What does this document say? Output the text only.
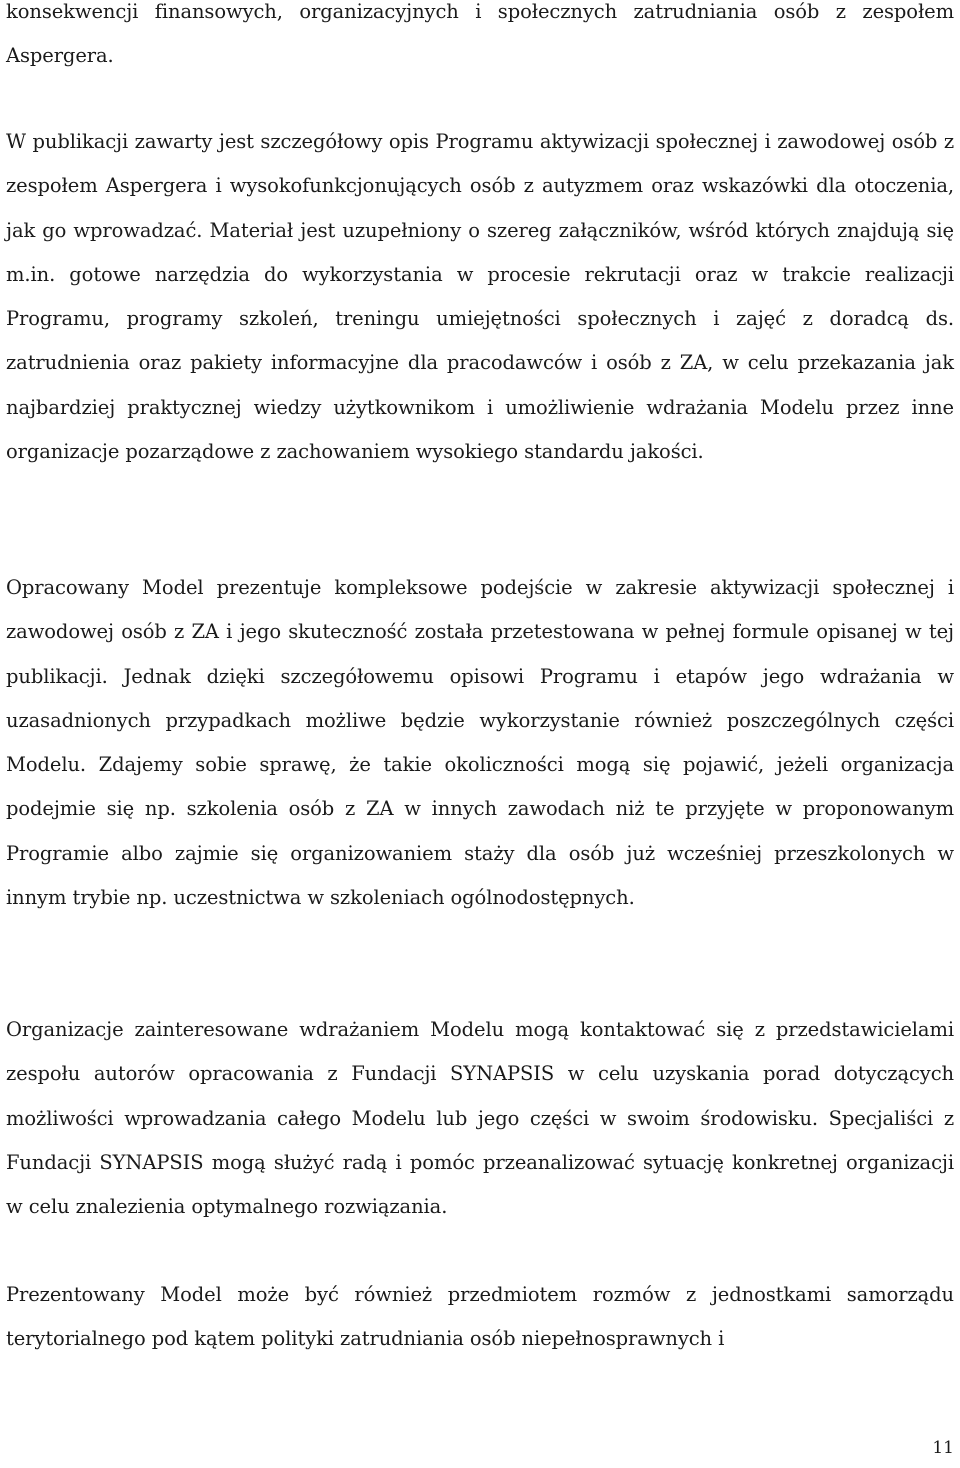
konsekwencji finansowych, organizacyjnych i społecznych zatrudniania osób z zespołem Aspergera.

W publikacji zawarty jest szczegółowy opis Programu aktywizacji społecznej i zawodowej osób z zespołem Aspergera i wysokofunkcjonujących osób z autyzmem oraz wskazówki dla otoczenia, jak go wprowadzać. Materiał jest uzupełniony o szereg załączników, wśród których znajdują się m.in. gotowe narzędzia do wykorzystania w procesie rekrutacji oraz w trakcie realizacji Programu, programy szkoleń, treningu umiejętności społecznych i zajęć z doradcą ds. zatrudnienia oraz pakiety informacyjne dla pracodawców i osób z ZA, w celu przekazania jak najbardziej praktycznej wiedzy użytkownikom i umożliwienie wdrażania Modelu przez inne organizacje pozarządowe z zachowaniem wysokiego standardu jakości.

Opracowany Model prezentuje kompleksowe podejście w zakresie aktywizacji społecznej i zawodowej osób z ZA i jego skuteczność została przetestowana w pełnej formule opisanej w tej publikacji. Jednak dzięki szczegółowemu opisowi Programu i etapów jego wdrażania w uzasadnionych przypadkach możliwe będzie wykorzystanie również poszczególnych części Modelu. Zdajemy sobie sprawę, że takie okoliczności mogą się pojawić, jeżeli organizacja podejmie się np. szkolenia osób z ZA w innych zawodach niż te przyjęte w proponowanym Programie albo zajmie się organizowaniem staży dla osób już wcześniej przeszkolonych w innym trybie np. uczestnictwa w szkoleniach ogólnodostępnych.

Organizacje zainteresowane wdrażaniem Modelu mogą kontaktować się z przedstawicielami zespołu autorów opracowania z Fundacji SYNAPSIS w celu uzyskania porad dotyczących możliwości wprowadzania całego Modelu lub jego części w swoim środowisku. Specjaliści z Fundacji SYNAPSIS mogą służyć radą i pomóc przeanalizować sytuację konkretnej organizacji w celu znalezienia optymalnego rozwiązania.

Prezentowany Model może być również przedmiotem rozmów z jednostkami samorządu terytorialnego pod kątem polityki zatrudniania osób niepełnosprawnych i

11
